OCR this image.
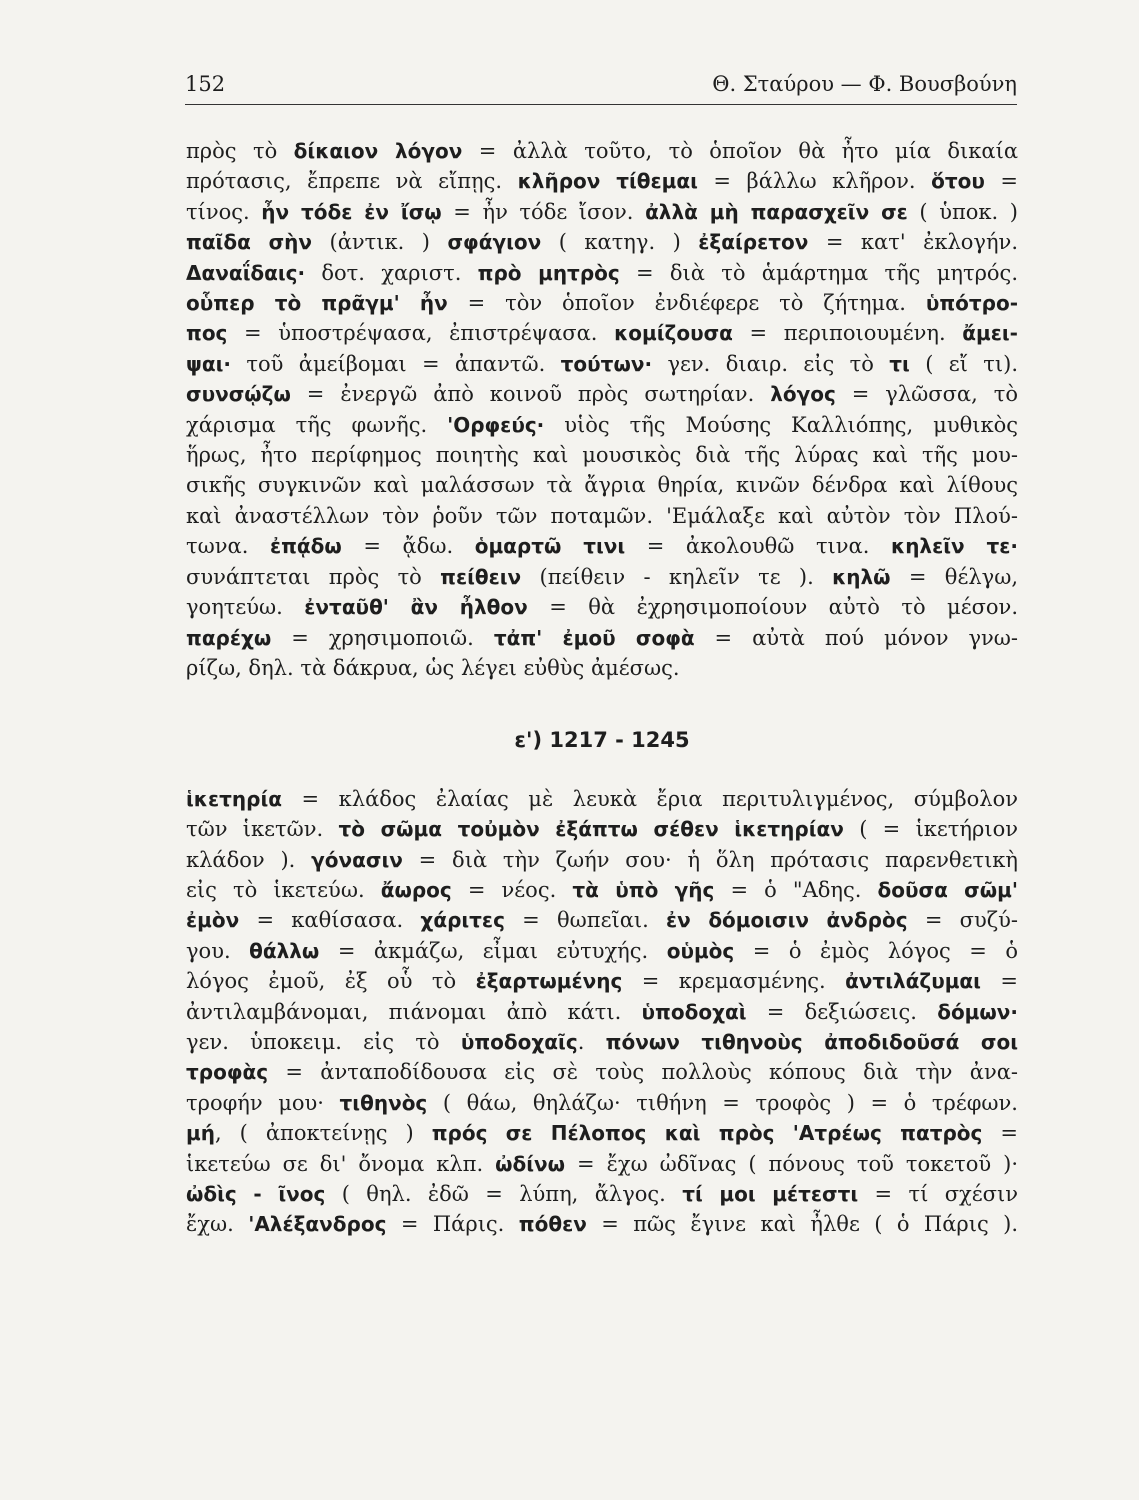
152	Θ. Σταύρου — Φ. Βουσβούνη
πρὸς τὸ δίκαιον λόγον = ἀλλὰ τοῦτο, τὸ ὁποῖον θὰ ἦτο μία δικαία
πρότασις, ἔπρεπε νὰ εἴπῃς. κλῆρον τίθεμαι = βάλλω κλῆρον. ὅτου =
τίνος. ἦν τόδε ἐν ἴσῳ = ἦν τόδε ἴσον. ἀλλὰ μὴ παρασχεῖν σε ( ὑποκ. )
παῖδα σὴν (ἀντικ. ) σφάγιον ( κατηγ. ) ἐξαίρετον = κατ' ἐκλογήν.
Δαναΐδαις· δοτ. χαριστ. πρὸ μητρὸς = διὰ τὸ ἁμάρτημα τῆς μητρός.
οὗπερ τὸ πρᾶγμ' ἦν = τὸν ὁποῖον ἐνδιέφερε τὸ ζήτημα. ὑπότρο-
πος = ὑποστρέψασα, ἐπιστρέψασα. κομίζουσα = περιποιουμένη. ἄμει-
ψαι· τοῦ ἀμείβομαι = ἀπαντῶ. τούτων· γεν. διαιρ. εἰς τὸ τι ( εἴ τι).
συνσῴζω = ἐνεργῶ ἀπὸ κοινοῦ πρὸς σωτηρίαν. λόγος = γλῶσσα, τὸ
χάρισμα τῆς φωνῆς. 'Ορφεύς· υἱὸς τῆς Μούσης Καλλιόπης, μυθικὸς
ἥρως, ἦτο περίφημος ποιητὴς καὶ μουσικὸς διὰ τῆς λύρας καὶ τῆς μου-
σικῆς συγκινῶν καὶ μαλάσσων τὰ ἄγρια θηρία, κινῶν δένδρα καὶ λίθους
καὶ ἀναστέλλων τὸν ῥοῦν τῶν ποταμῶν. 'Εμάλαξε καὶ αὐτὸν τὸν Πλού-
τωνα. ἐπᾴδω = ᾄδω. ὁμαρτῶ τινι = ἀκολουθῶ τινα. κηλεῖν τε·
συνάπτεται πρὸς τὸ πείθειν (πείθειν - κηλεῖν τε ). κηλῶ = θέλγω,
γοητεύω. ἐνταῦθ' ἂν ἦλθον = θὰ ἐχρησιμοποίουν αὐτὸ τὸ μέσον.
παρέχω = χρησιμοποιῶ. τἀπ' ἐμοῦ σοφὰ = αὐτὰ πού μόνον γνω-
ρίζω, δηλ. τὰ δάκρυα, ὡς λέγει εὐθὺς ἀμέσως.
ε') 1217 - 1245
ἱκετηρία = κλάδος ἐλαίας μὲ λευκὰ ἔρια περιτυλιγμένος, σύμβολον
τῶν ἱκετῶν. τὸ σῶμα τοὐμὸν ἐξάπτω σέθεν ἱκετηρίαν ( = ἱκετήριον
κλάδον ). γόνασιν = διὰ τὴν ζωήν σου· ἡ ὅλη πρότασις παρενθετικὴ
εἰς τὸ ἱκετεύω. ἄωρος = νέος. τὰ ὑπὸ γῆς = ὁ "Αδης. δοῦσα σῶμ'
ἐμὸν = καθίσασα. χάριτες = θωπεῖαι. ἐν δόμοισιν ἀνδρὸς = συζύ-
γου. θάλλω = ἀκμάζω, εἶμαι εὐτυχής. οὑμὸς = ὁ ἐμὸς λόγος = ὁ
λόγος ἐμοῦ, ἐξ οὗ τὸ ἐξαρτωμένης = κρεμασμένης. ἀντιλάζυμαι =
ἀντιλαμβάνομαι, πιάνομαι ἀπὸ κάτι. ὑποδοχαὶ = δεξιώσεις. δόμων·
γεν. ὑποκειμ. εἰς τὸ ὑποδοχαῖς. πόνων τιθηνοὺς ἀποδιδοῦσά σοι
τροφὰς = ἀνταποδίδουσα εἰς σὲ τοὺς πολλοὺς κόπους διὰ τὴν ἀνα-
τροφήν μου· τιθηνὸς ( θάω, θηλάζω· τιθήνη = τροφὸς ) = ὁ τρέφων.
μή, ( ἀποκτείνῃς ) πρός σε Πέλοπος καὶ πρὸς 'Ατρέως πατρὸς =
ἱκετεύω σε δι' ὄνομα κλπ. ὠδίνω = ἔχω ὠδῖνας ( πόνους τοῦ τοκετοῦ )·
ὠδὶς - ῖνος ( θηλ. ἐδῶ = λύπη, ἄλγος. τί μοι μέτεστι = τί σχέσιν
ἔχω. 'Αλέξανδρος = Πάρις. πόθεν = πῶς ἔγινε καὶ ἦλθε ( ὁ Πάρις ).
